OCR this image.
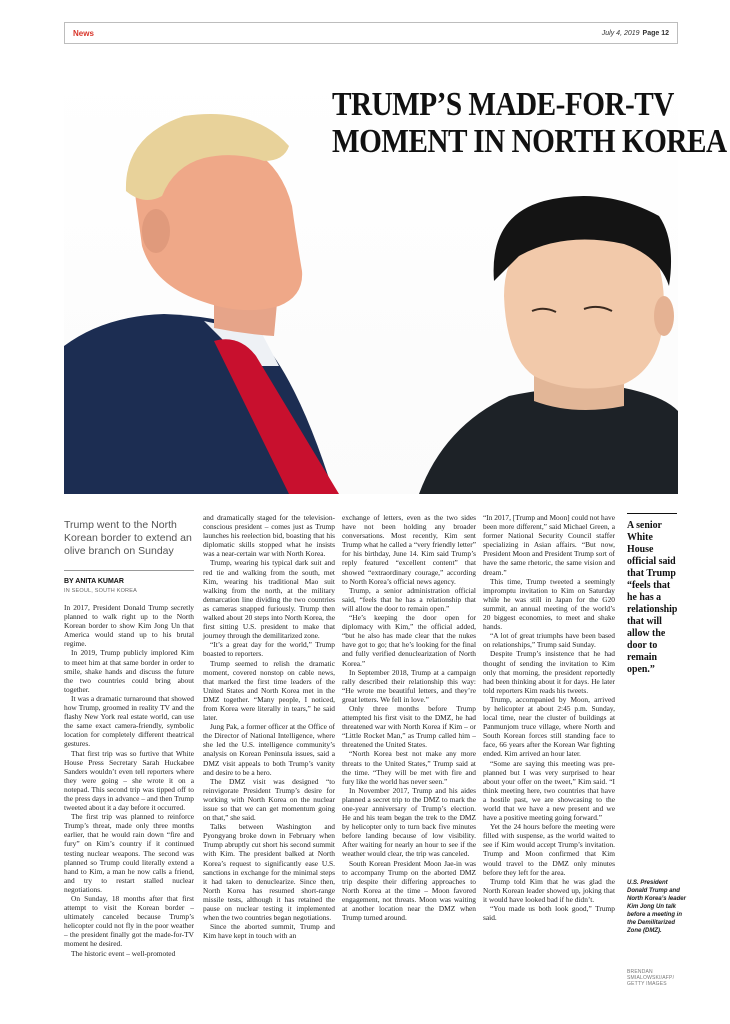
News	July 4, 2019 Page 12
TRUMP’S MADE-FOR-TV
MOMENT IN NORTH KOREA
Trump went to the North Korean border to extend an olive branch on Sunday
BY ANITA KUMAR
IN SEOUL, SOUTH KOREA

In 2017, President Donald Trump secretly planned to walk right up to the North Korean border to show Kim Jong Un that America would stand up to his brutal regime.

In 2019, Trump publicly implored Kim to meet him at that same border in order to smile, shake hands and discuss the future the two countries could bring about together.

It was a dramatic turnaround that showed how Trump, groomed in reality TV and the flashy New York real estate world, can use the same exact camera-friendly, symbolic location for completely different theatrical gestures.

That first trip was so furtive that White House Press Secretary Sarah Huckabee Sanders wouldn’t even tell reporters where they were going – she wrote it on a notepad. This second trip was tipped off to the press days in advance – and then Trump tweeted about it a day before it occurred.

The first trip was planned to reinforce Trump’s threat, made only three months earlier, that he would rain down “fire and fury” on Kim’s country if it continued testing nuclear weapons. The second was planned so Trump could literally extend a hand to Kim, a man he now calls a friend, and try to restart stalled nuclear negotiations.

On Sunday, 18 months after that first attempt to visit the Korean border – ultimately canceled because Trump’s helicopter could not fly in the poor weather – the president finally got the made-for-TV moment he desired.

The historic event – well-promoted

and dramatically staged for the television-conscious president – comes just as Trump launches his reelection bid, boasting that his diplomatic skills stopped what he insists was a near-certain war with North Korea.

Trump, wearing his typical dark suit and red tie and walking from the south, met Kim, wearing his traditional Mao suit walking from the north, at the military demarcation line dividing the two countries as cameras snapped furiously. Trump then walked about 20 steps into North Korea, the first sitting U.S. president to make that journey through the demilitarized zone.

“It’s a great day for the world,” Trump boasted to reporters.

Trump seemed to relish the dramatic moment, covered nonstop on cable news, that marked the first time leaders of the United States and North Korea met in the DMZ together. “Many people, I noticed, from Korea were literally in tears,” he said later.

Jung Pak, a former officer at the Office of the Director of National Intelligence, where she led the U.S. intelligence community’s analysis on Korean Peninsula issues, said a DMZ visit appeals to both Trump’s vanity and desire to be a hero.

The DMZ visit was designed “to reinvigorate President Trump’s desire for working with North Korea on the nuclear issue so that we can get momentum going on that,” she said.

Talks between Washington and Pyongyang broke down in February when Trump abruptly cut short his second summit with Kim. The president balked at North Korea’s request to significantly ease U.S. sanctions in exchange for the minimal steps it had taken to denuclearize. Since then, North Korea has resumed short-range missile tests, although it has retained the pause on nuclear testing it implemented when the two countries began negotiations.

Since the aborted summit, Trump and Kim have kept in touch with an

exchange of letters, even as the two sides have not been holding any broader conversations. Most recently, Kim sent Trump what he called a “very friendly letter” for his birthday, June 14. Kim said Trump’s reply featured “excellent content” that showed “extraordinary courage,” according to North Korea’s official news agency.

Trump, a senior administration official said, “feels that he has a relationship that will allow the door to remain open.”

“He’s keeping the door open for diplomacy with Kim,” the official added, “but he also has made clear that the nukes have got to go; that he’s looking for the final and fully verified denuclearization of North Korea.”

In September 2018, Trump at a campaign rally described their relationship this way: “He wrote me beautiful letters, and they’re great letters. We fell in love.”

Only three months before Trump attempted his first visit to the DMZ, he had threatened war with North Korea if Kim – or “Little Rocket Man,” as Trump called him – threatened the United States.

“North Korea best not make any more threats to the United States,” Trump said at the time. “They will be met with fire and fury like the world has never seen.”

In November 2017, Trump and his aides planned a secret trip to the DMZ to mark the one-year anniversary of Trump’s election. He and his team began the trek to the DMZ by helicopter only to turn back five minutes before landing because of low visibility. After waiting for nearly an hour to see if the weather would clear, the trip was canceled.

South Korean President Moon Jae-in was to accompany Trump on the aborted DMZ trip despite their differing approaches to North Korea at the time – Moon favored engagement, not threats. Moon was waiting at another location near the DMZ when Trump turned around.

“In 2017, [Trump and Moon] could not have been more different,” said Michael Green, a former National Security Council staffer specializing in Asian affairs. “But now, President Moon and President Trump sort of have the same rhetoric, the same vision and dream.”

This time, Trump tweeted a seemingly impromptu invitation to Kim on Saturday while he was still in Japan for the G20 summit, an annual meeting of the world’s 20 biggest economies, to meet and shake hands.

“A lot of great triumphs have been based on relationships,” Trump said Sunday.

Despite Trump’s insistence that he had thought of sending the invitation to Kim only that morning, the president reportedly had been thinking about it for days. He later told reporters Kim reads his tweets.

Trump, accompanied by Moon, arrived by helicopter at about 2:45 p.m. Sunday, local time, near the cluster of buildings at Panmunjom truce village, where North and South Korean forces still standing face to face, 66 years after the Korean War fighting ended. Kim arrived an hour later.

“Some are saying this meeting was pre-planned but I was very surprised to hear about your offer on the tweet,” Kim said. “I think meeting here, two countries that have a hostile past, we are showcasing to the world that we have a new present and we have a positive meeting going forward.”

Yet the 24 hours before the meeting were filled with suspense, as the world waited to see if Kim would accept Trump’s invitation. Trump and Moon confirmed that Kim would travel to the DMZ only minutes before they left for the area.

Trump told Kim that he was glad the North Korean leader showed up, joking that it would have looked bad if he didn’t.

“You made us both look good,” Trump said.

A senior White House official said that Trump “feels that he has a relationship that will allow the door to remain open.”
U.S. President Donald Trump and North Korea’s leader Kim Jong Un talk before a meeting in the Demilitarized Zone (DMZ).
BRENDAN SMIALOWSKI/AFP/ GETTY IMAGES
